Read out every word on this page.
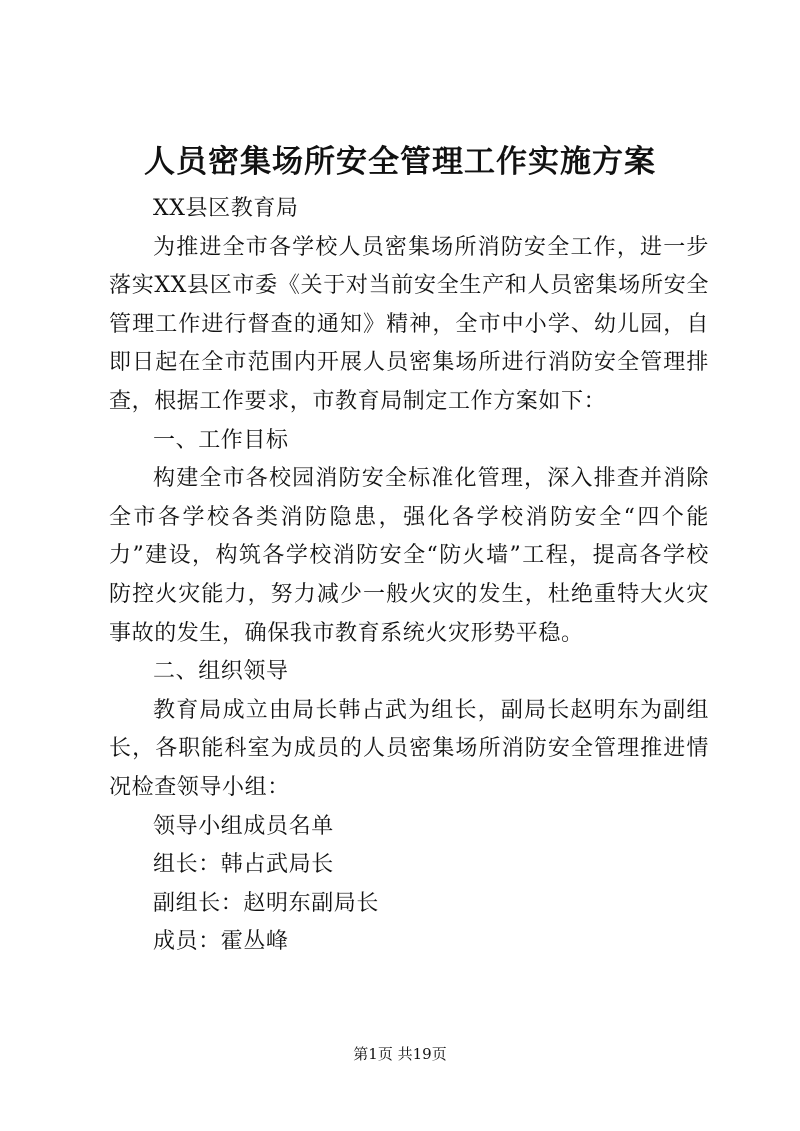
人员密集场所安全管理工作实施方案

XX县区教育局

为推进全市各学校人员密集场所消防安全工作，进一步落实XX县区市委《关于对当前安全生产和人员密集场所安全管理工作进行督查的通知》精神，全市中小学、幼儿园，自即日起在全市范围内开展人员密集场所进行消防安全管理排查，根据工作要求，市教育局制定工作方案如下：

一、工作目标

构建全市各校园消防安全标准化管理，深入排查并消除全市各学校各类消防隐患，强化各学校消防安全“四个能力”建设，构筑各学校消防安全“防火墙”工程，提高各学校防控火灾能力，努力减少一般火灾的发生，杜绝重特大火灾事故的发生，确保我市教育系统火灾形势平稳。

二、组织领导

教育局成立由局长韩占武为组长，副局长赵明东为副组长，各职能科室为成员的人员密集场所消防安全管理推进情况检查领导小组：

领导小组成员名单

组长：韩占武局长

副组长：赵明东副局长

成员：霍丛峰

第1页 共19页
